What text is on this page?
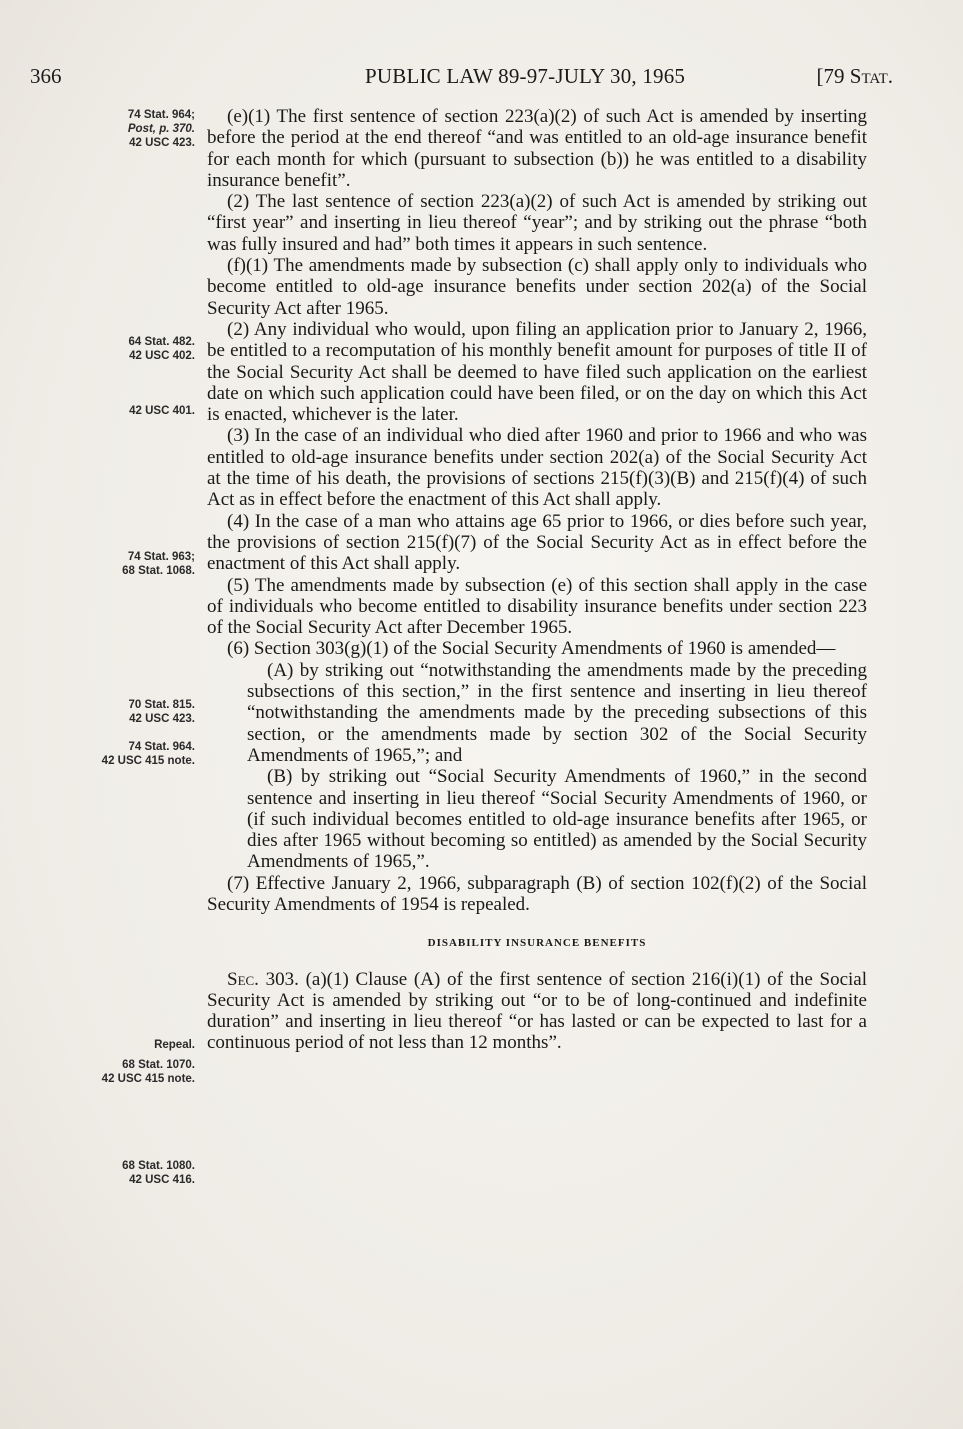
366	PUBLIC LAW 89-97-JULY 30, 1965	[79 Stat.
74 Stat. 964;
Post, p. 370.
42 USC 423.
64 Stat. 482.
42 USC 402.
42 USC 401.
74 Stat. 963;
68 Stat. 1068.
70 Stat. 815.
42 USC 423.
74 Stat. 964.
42 USC 415 note.
Repeal.
68 Stat. 1070.
42 USC 415 note.
68 Stat. 1080.
42 USC 416.

(e)(1) The first sentence of section 223(a)(2) of such Act is amended by inserting before the period at the end thereof “and was entitled to an old-age insurance benefit for each month for which (pursuant to subsection (b)) he was entitled to a disability insurance benefit”.

(2) The last sentence of section 223(a)(2) of such Act is amended by striking out “first year” and inserting in lieu thereof “year”; and by striking out the phrase “both was fully insured and had” both times it appears in such sentence.

(f)(1) The amendments made by subsection (c) shall apply only to individuals who become entitled to old-age insurance benefits under section 202(a) of the Social Security Act after 1965.

(2) Any individual who would, upon filing an application prior to January 2, 1966, be entitled to a recomputation of his monthly benefit amount for purposes of title II of the Social Security Act shall be deemed to have filed such application on the earliest date on which such application could have been filed, or on the day on which this Act is enacted, whichever is the later.

(3) In the case of an individual who died after 1960 and prior to 1966 and who was entitled to old-age insurance benefits under section 202(a) of the Social Security Act at the time of his death, the provisions of sections 215(f)(3)(B) and 215(f)(4) of such Act as in effect before the enactment of this Act shall apply.

(4) In the case of a man who attains age 65 prior to 1966, or dies before such year, the provisions of section 215(f)(7) of the Social Security Act as in effect before the enactment of this Act shall apply.

(5) The amendments made by subsection (e) of this section shall apply in the case of individuals who become entitled to disability insurance benefits under section 223 of the Social Security Act after December 1965.

(6) Section 303(g)(1) of the Social Security Amendments of 1960 is amended—

(A) by striking out “notwithstanding the amendments made by the preceding subsections of this section,” in the first sentence and inserting in lieu thereof “notwithstanding the amendments made by the preceding subsections of this section, or the amendments made by section 302 of the Social Security Amendments of 1965,”; and

(B) by striking out “Social Security Amendments of 1960,” in the second sentence and inserting in lieu thereof “Social Security Amendments of 1960, or (if such individual becomes entitled to old-age insurance benefits after 1965, or dies after 1965 without becoming so entitled) as amended by the Social Security Amendments of 1965,”.

(7) Effective January 2, 1966, subparagraph (B) of section 102(f)(2) of the Social Security Amendments of 1954 is repealed.

DISABILITY INSURANCE BENEFITS

Sec. 303. (a)(1) Clause (A) of the first sentence of section 216(i)(1) of the Social Security Act is amended by striking out “or to be of long-continued and indefinite duration” and inserting in lieu thereof “or has lasted or can be expected to last for a continuous period of not less than 12 months”.
